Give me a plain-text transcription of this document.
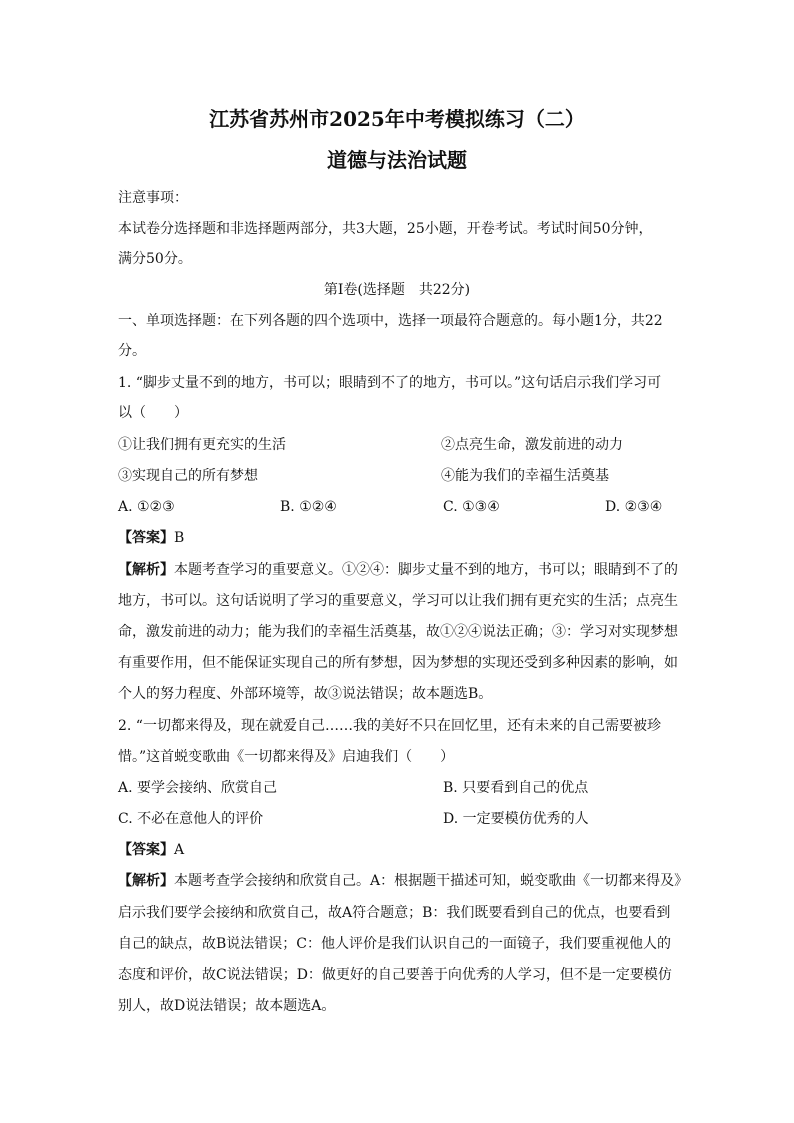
江苏省苏州市2025年中考模拟练习（二）
道德与法治试题
注意事项：
本试卷分选择题和非选择题两部分，共3大题，25小题，开卷考试。考试时间50分钟，
满分50分。
第Ⅰ卷(选择题　共22分)
一、单项选择题：在下列各题的四个选项中，选择一项最符合题意的。每小题1分，共22
分。
1. “脚步丈量不到的地方，书可以；眼睛到不了的地方，书可以。”这句话启示我们学习可
以（　　）
①让我们拥有更充实的生活	②点亮生命，激发前进的动力
③实现自己的所有梦想	④能为我们的幸福生活奠基
A. ①②③	B. ①②④	C. ①③④	D. ②③④
【答案】B
【解析】本题考查学习的重要意义。①②④：脚步丈量不到的地方，书可以；眼睛到不了的
地方，书可以。这句话说明了学习的重要意义，学习可以让我们拥有更充实的生活；点亮生
命，激发前进的动力；能为我们的幸福生活奠基，故①②④说法正确；③：学习对实现梦想
有重要作用，但不能保证实现自己的所有梦想，因为梦想的实现还受到多种因素的影响，如
个人的努力程度、外部环境等，故③说法错误；故本题选B。
2. “一切都来得及，现在就爱自己……我的美好不只在回忆里，还有未来的自己需要被珍
惜。”这首蜕变歌曲《一切都来得及》启迪我们（　　）
A. 要学会接纳、欣赏自己	B. 只要看到自己的优点
C. 不必在意他人的评价	D. 一定要模仿优秀的人
【答案】A
【解析】本题考查学会接纳和欣赏自己。A：根据题干描述可知，蜕变歌曲《一切都来得及》
启示我们要学会接纳和欣赏自己，故A符合题意；B：我们既要看到自己的优点，也要看到
自己的缺点，故B说法错误；C：他人评价是我们认识自己的一面镜子，我们要重视他人的
态度和评价，故C说法错误；D：做更好的自己要善于向优秀的人学习，但不是一定要模仿
别人，故D说法错误；故本题选A。
